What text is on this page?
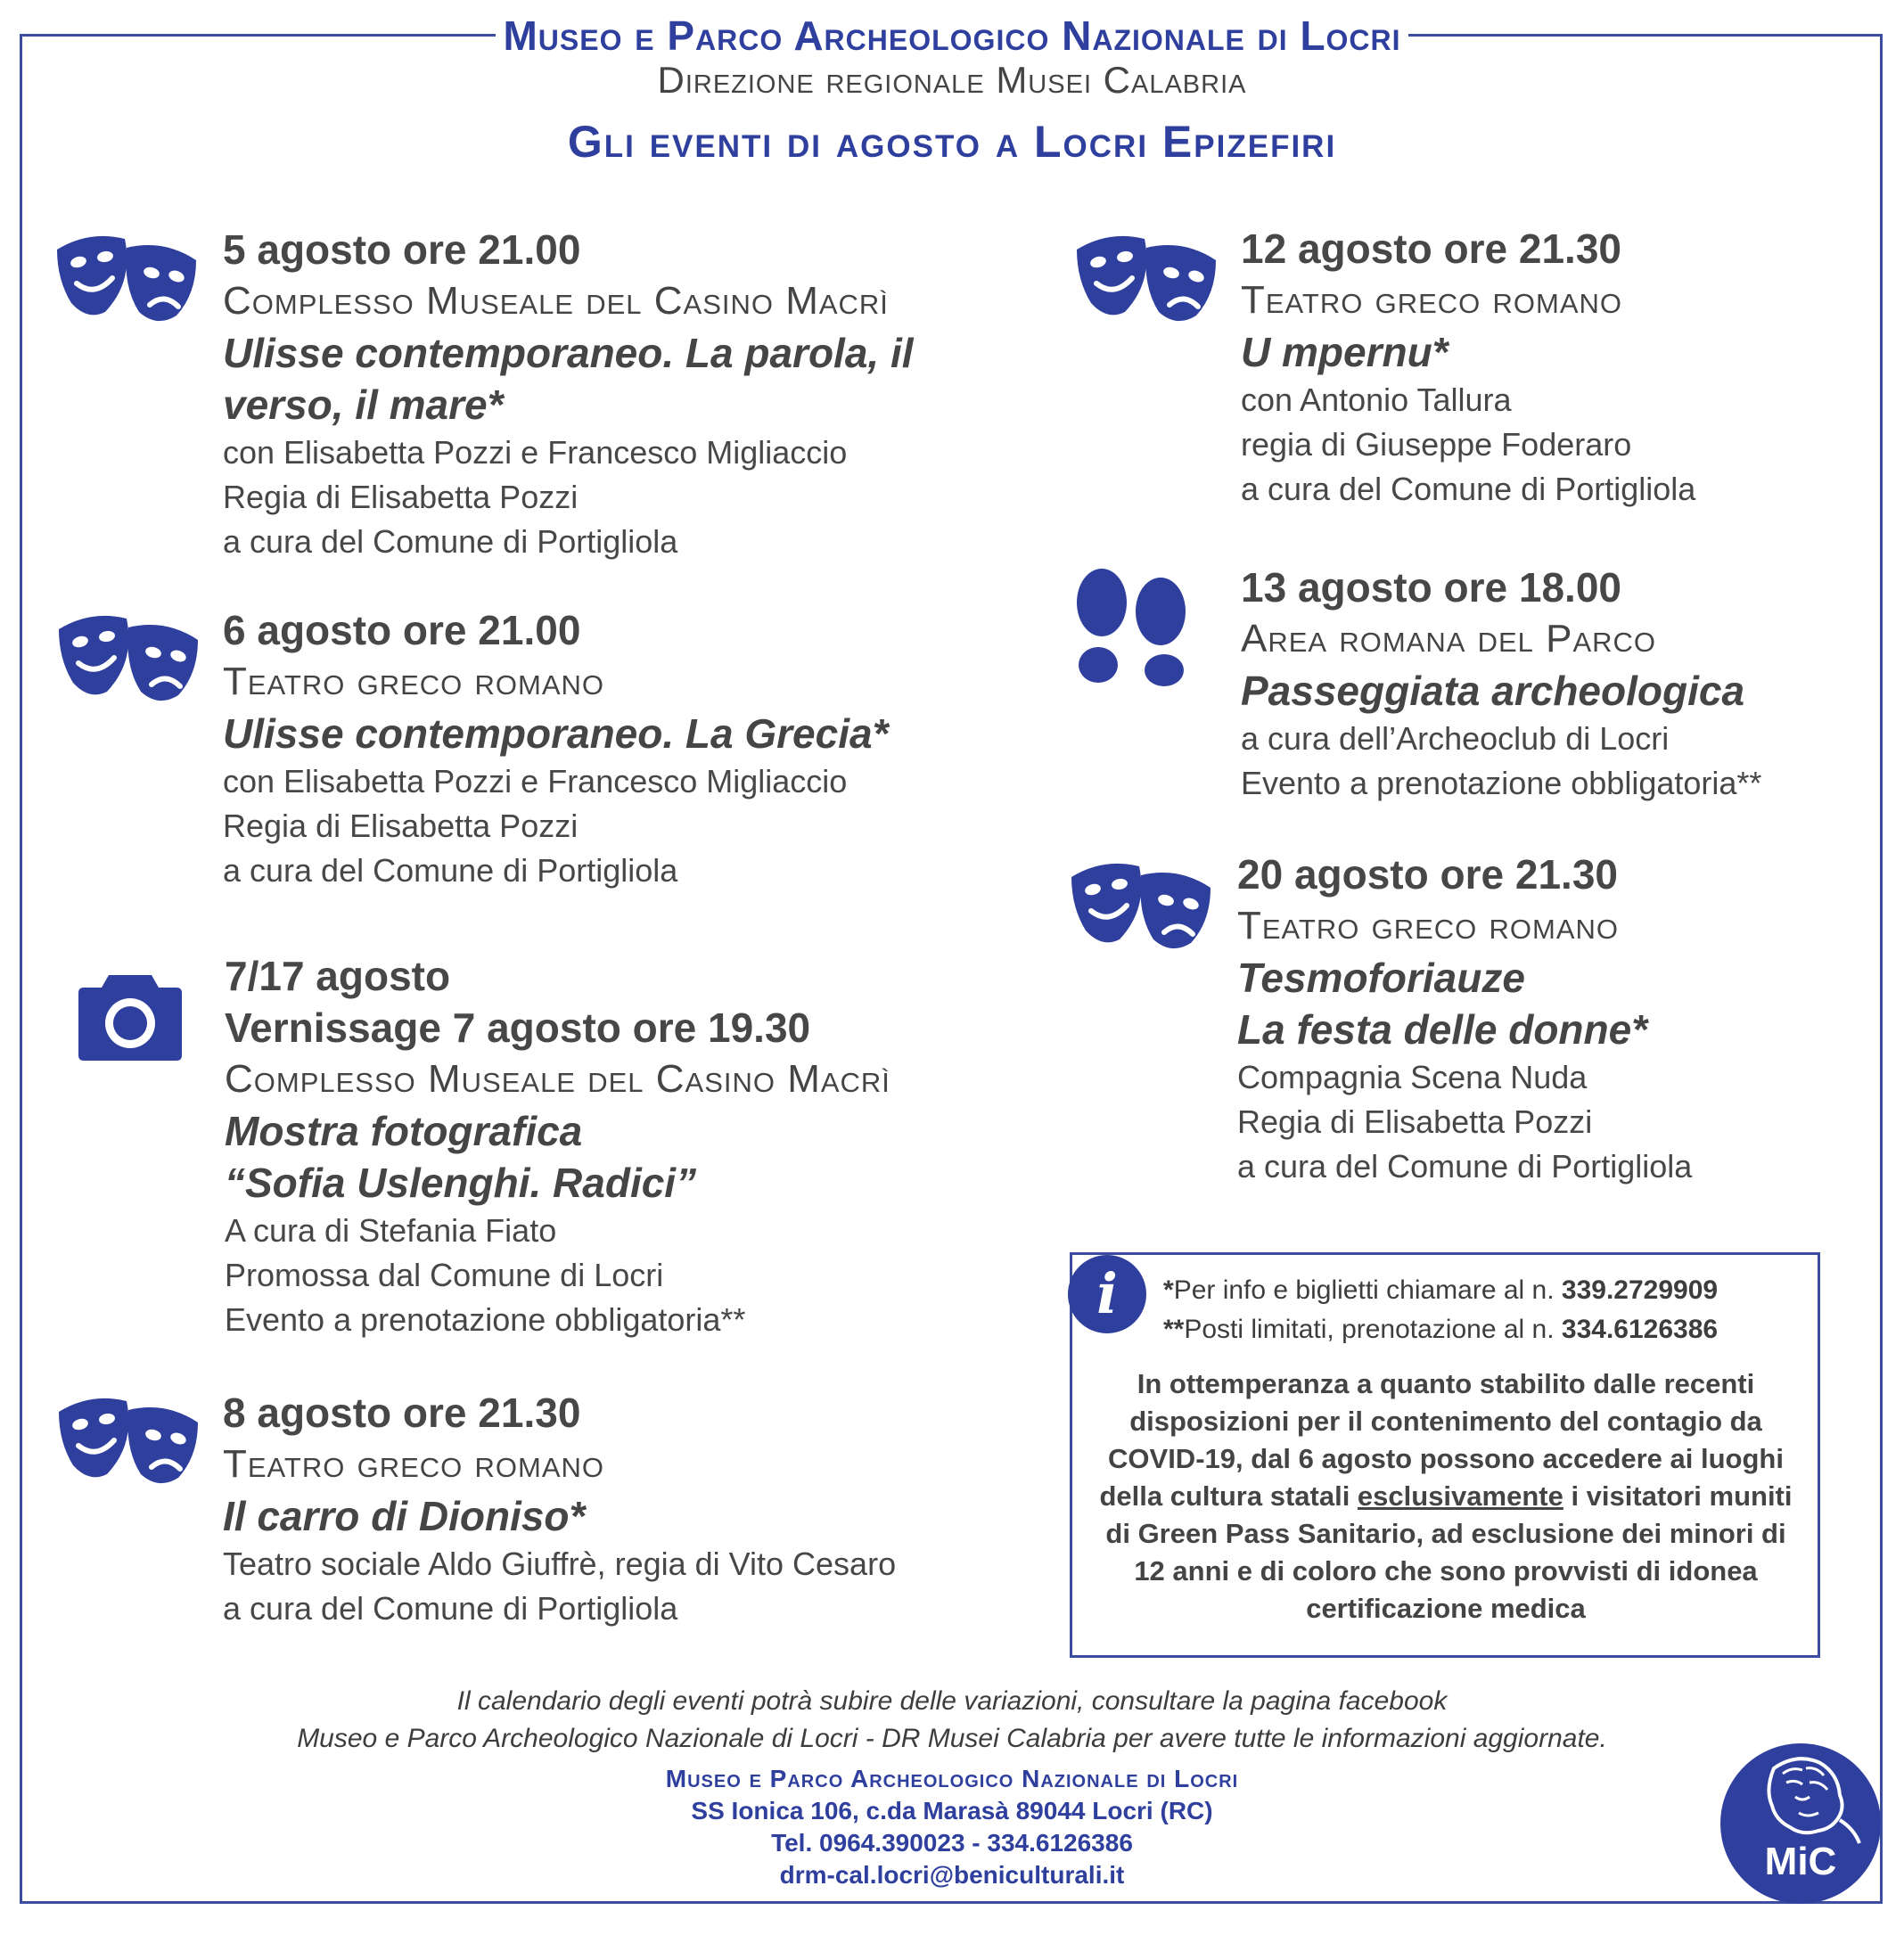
Museo e Parco Archeologico Nazionale di Locri
Direzione regionale Musei Calabria
Gli eventi di agosto a Locri Epizefiri
5 agosto ore 21.00
Complesso Museale del Casino Macrì
Ulisse contemporaneo. La parola, il
verso, il mare*
con Elisabetta Pozzi e Francesco Migliaccio
Regia di Elisabetta Pozzi
a cura del Comune di Portigliola
6 agosto ore 21.00
Teatro greco romano
Ulisse contemporaneo. La Grecia*
con Elisabetta Pozzi e Francesco Migliaccio
Regia di Elisabetta Pozzi
a cura del Comune di Portigliola
7/17 agosto
Vernissage 7 agosto ore 19.30
Complesso Museale del Casino Macrì
Mostra fotografica
“Sofia Uslenghi. Radici”
A cura di Stefania Fiato
Promossa dal Comune di Locri
Evento a prenotazione obbligatoria**
8 agosto ore 21.30
Teatro greco romano
Il carro di Dioniso*
Teatro sociale Aldo Giuffrè, regia di Vito Cesaro
a cura del Comune di Portigliola
12 agosto ore 21.30
Teatro greco romano
U mpernu*
con Antonio Tallura
regia di Giuseppe Foderaro
a cura del Comune di Portigliola
13 agosto ore 18.00
Area romana del Parco
Passeggiata archeologica
a cura dell’Archeoclub di Locri
Evento a prenotazione obbligatoria**
20 agosto ore 21.30
Teatro greco romano
Tesmoforiauze
La festa delle donne*
Compagnia Scena Nuda
Regia di Elisabetta Pozzi
a cura del Comune di Portigliola
i	*Per info e biglietti chiamare al n. 339.2729909
**Posti limitati, prenotazione al n. 334.6126386
In ottemperanza a quanto stabilito dalle recenti disposizioni per il contenimento del contagio da COVID-19, dal 6 agosto possono accedere ai luoghi della cultura statali esclusivamente i visitatori muniti di Green Pass Sanitario, ad esclusione dei minori di 12 anni e di coloro che sono provvisti di idonea certificazione medica
Il calendario degli eventi potrà subire delle variazioni, consultare la pagina facebook
Museo e Parco Archeologico Nazionale di Locri - DR Musei Calabria per avere tutte le informazioni aggiornate.
Museo e Parco Archeologico Nazionale di Locri
SS Ionica 106, c.da Marasà 89044 Locri (RC)
Tel. 0964.390023 - 334.6126386
drm-cal.locri@beniculturali.it	MiC
